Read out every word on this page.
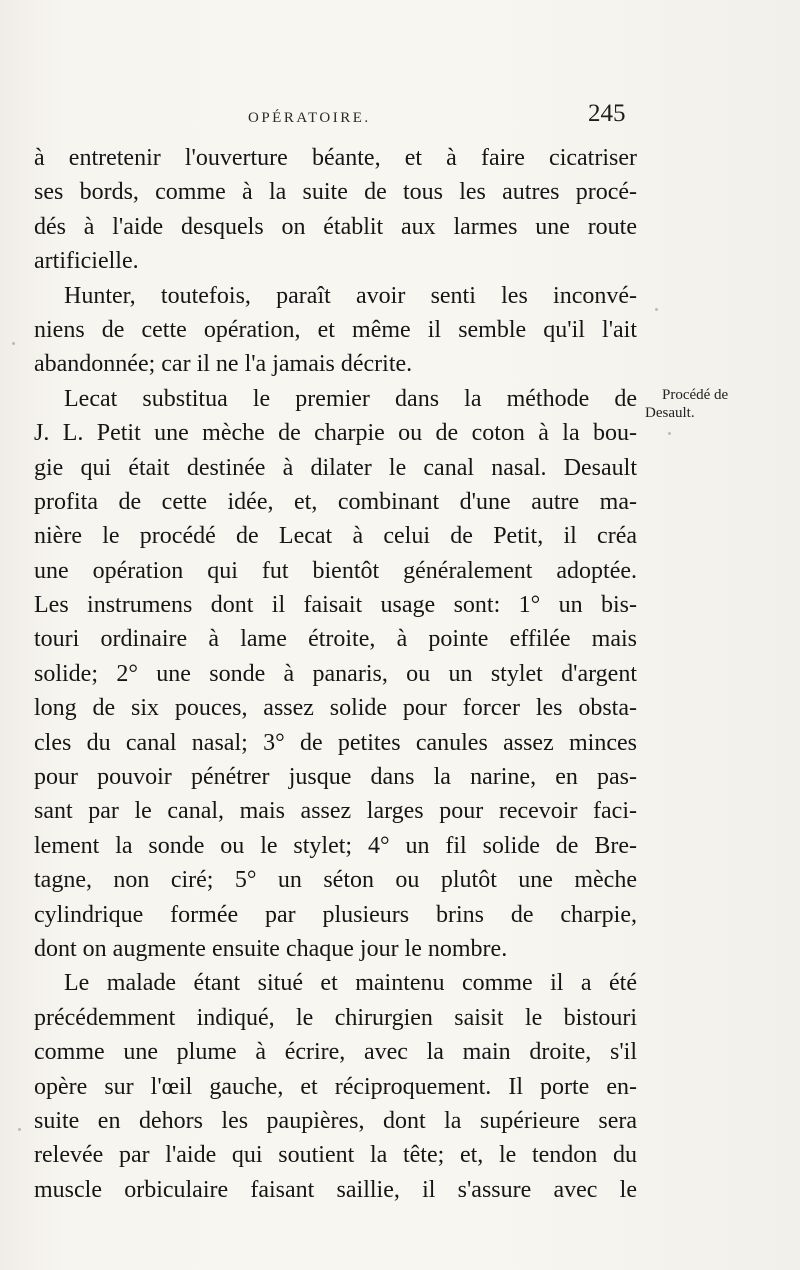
OPÉRATOIRE.	245
Procédé de
Desault.
à entretenir l'ouverture béante, et à faire cicatriser
ses bords, comme à la suite de tous les autres procé-
dés à l'aide desquels on établit aux larmes une route
artificielle.
Hunter, toutefois, paraît avoir senti les inconvé-
niens de cette opération, et même il semble qu'il l'ait
abandonnée; car il ne l'a jamais décrite.
Lecat substitua le premier dans la méthode de
J. L. Petit une mèche de charpie ou de coton à la bou-
gie qui était destinée à dilater le canal nasal. Desault
profita de cette idée, et, combinant d'une autre ma-
nière le procédé de Lecat à celui de Petit, il créa
une opération qui fut bientôt généralement adoptée.
Les instrumens dont il faisait usage sont: 1° un bis-
touri ordinaire à lame étroite, à pointe effilée mais
solide; 2° une sonde à panaris, ou un stylet d'argent
long de six pouces, assez solide pour forcer les obsta-
cles du canal nasal; 3° de petites canules assez minces
pour pouvoir pénétrer jusque dans la narine, en pas-
sant par le canal, mais assez larges pour recevoir faci-
lement la sonde ou le stylet; 4° un fil solide de Bre-
tagne, non ciré; 5° un séton ou plutôt une mèche
cylindrique formée par plusieurs brins de charpie,
dont on augmente ensuite chaque jour le nombre.
Le malade étant situé et maintenu comme il a été
précédemment indiqué, le chirurgien saisit le bistouri
comme une plume à écrire, avec la main droite, s'il
opère sur l'œil gauche, et réciproquement. Il porte en-
suite en dehors les paupières, dont la supérieure sera
relevée par l'aide qui soutient la tête; et, le tendon du
muscle orbiculaire faisant saillie, il s'assure avec le
